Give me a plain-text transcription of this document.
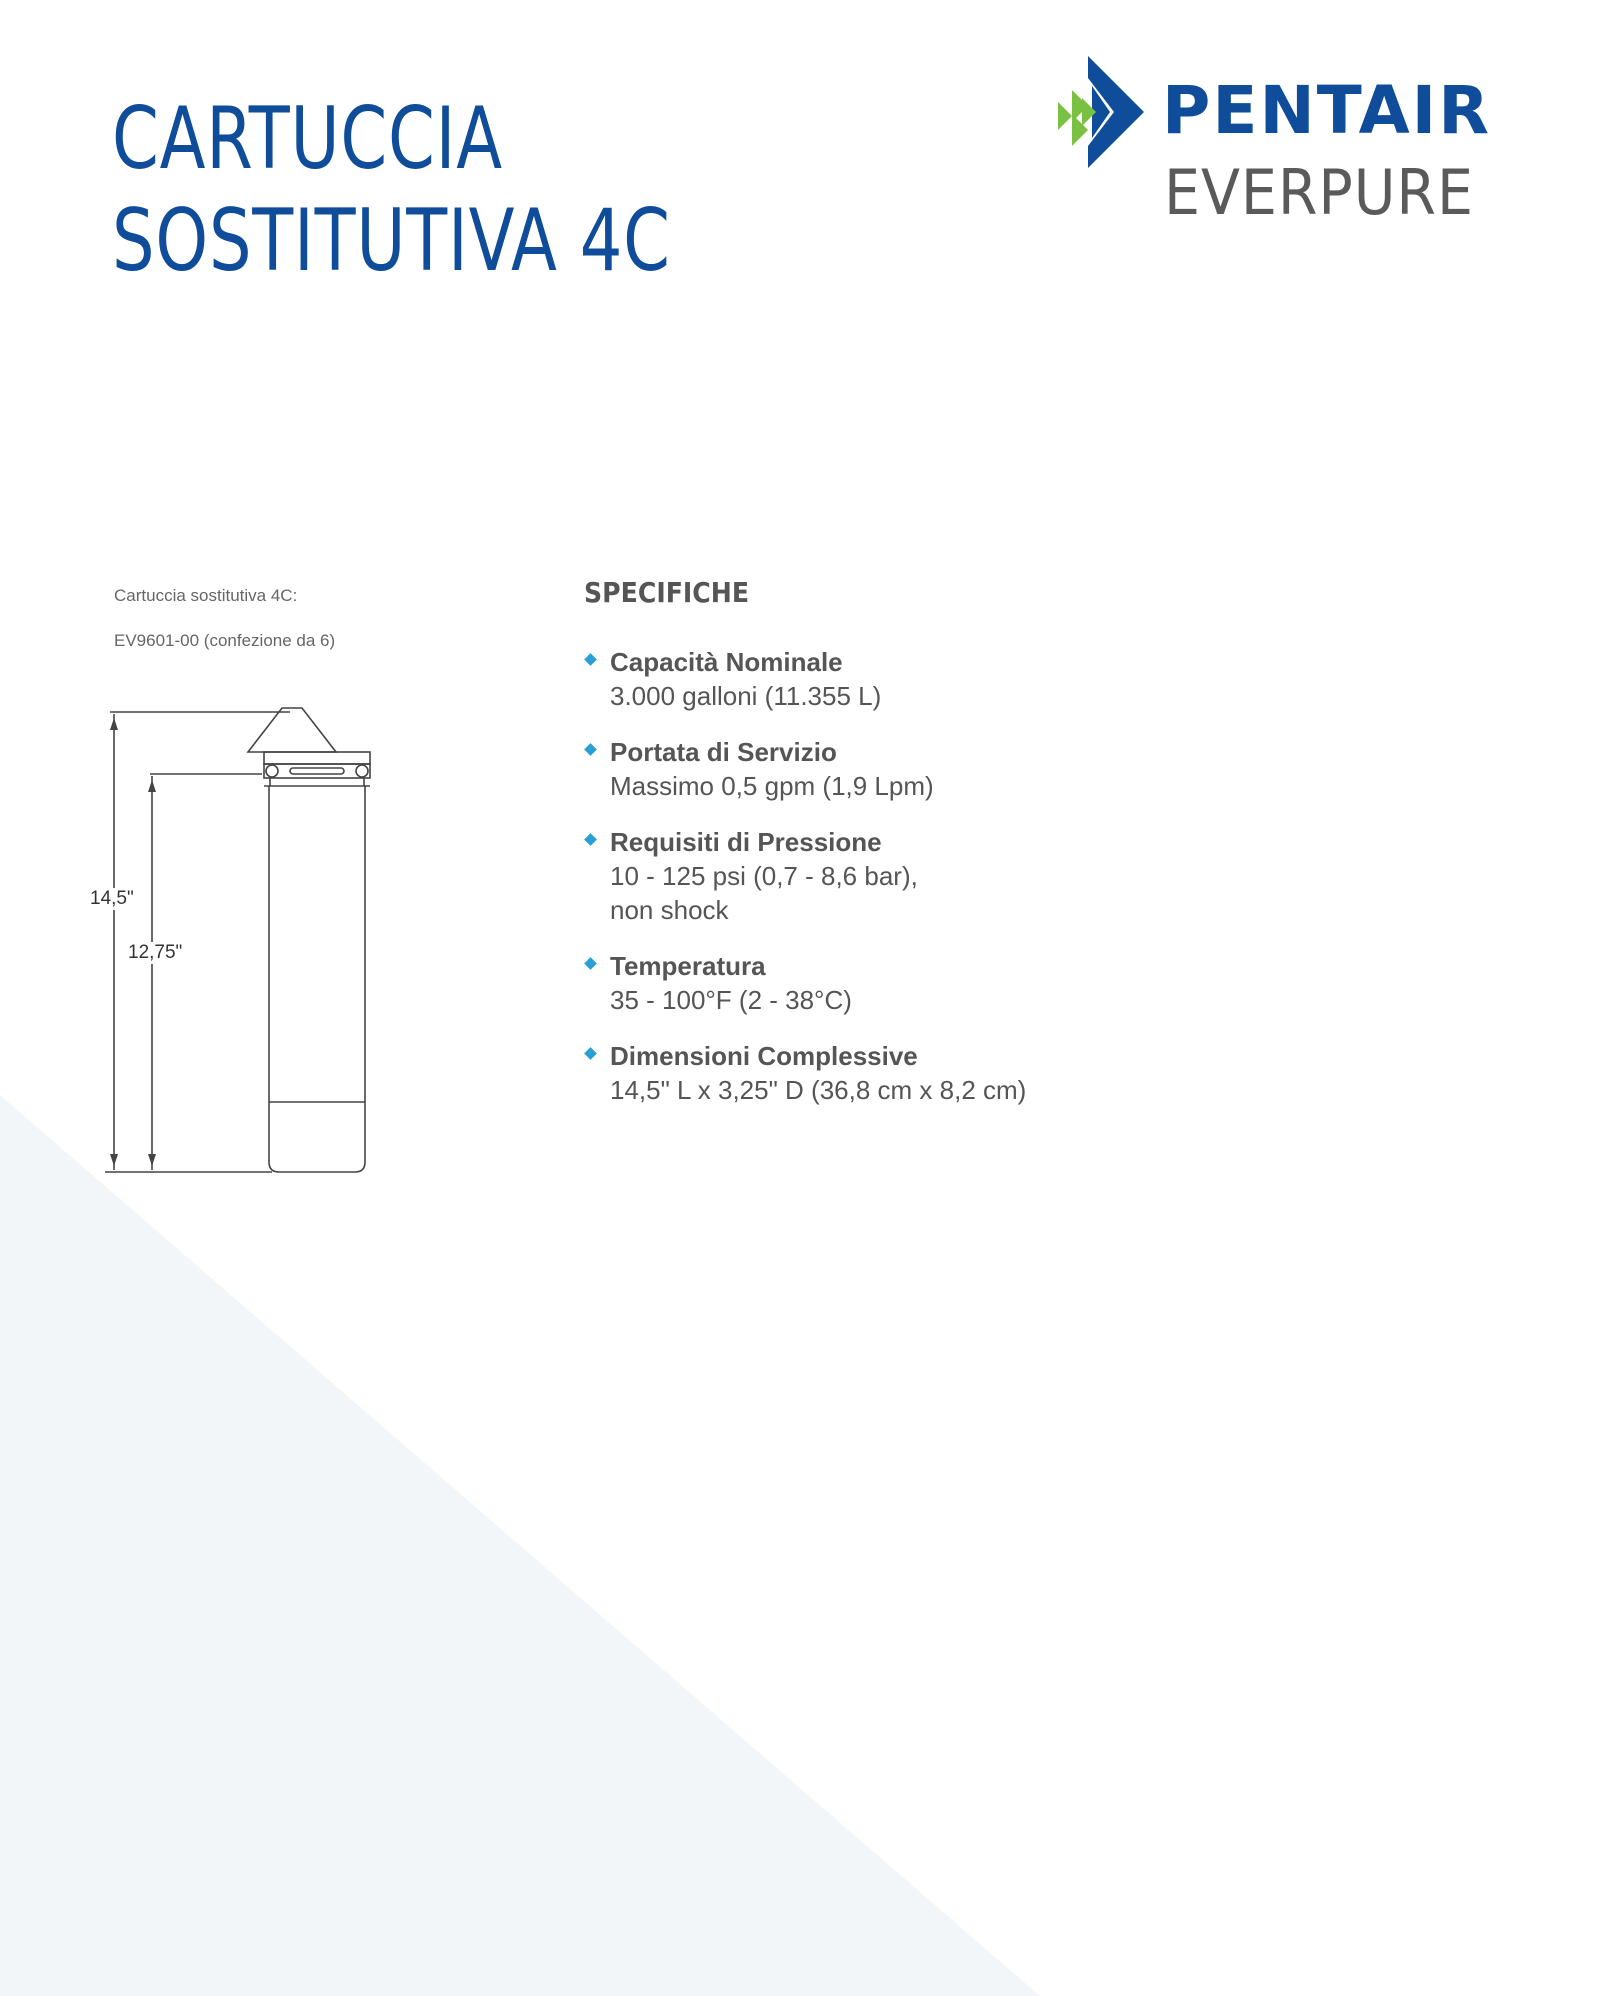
CARTUCCIA
SOSTITUTIVA 4C
PENTAIR
EVERPURE
Cartuccia sostitutiva 4C:
EV9601-00 (confezione da 6)
14,5"
12,75"
SPECIFICHE
Capacità Nominale
3.000 galloni (11.355 L)
Portata di Servizio
Massimo 0,5 gpm (1,9 Lpm)
Requisiti di Pressione
10 - 125 psi (0,7 - 8,6 bar),
non shock
Temperatura
35 - 100°F (2 - 38°C)
Dimensioni Complessive
14,5" L x 3,25" D (36,8 cm x 8,2 cm)
